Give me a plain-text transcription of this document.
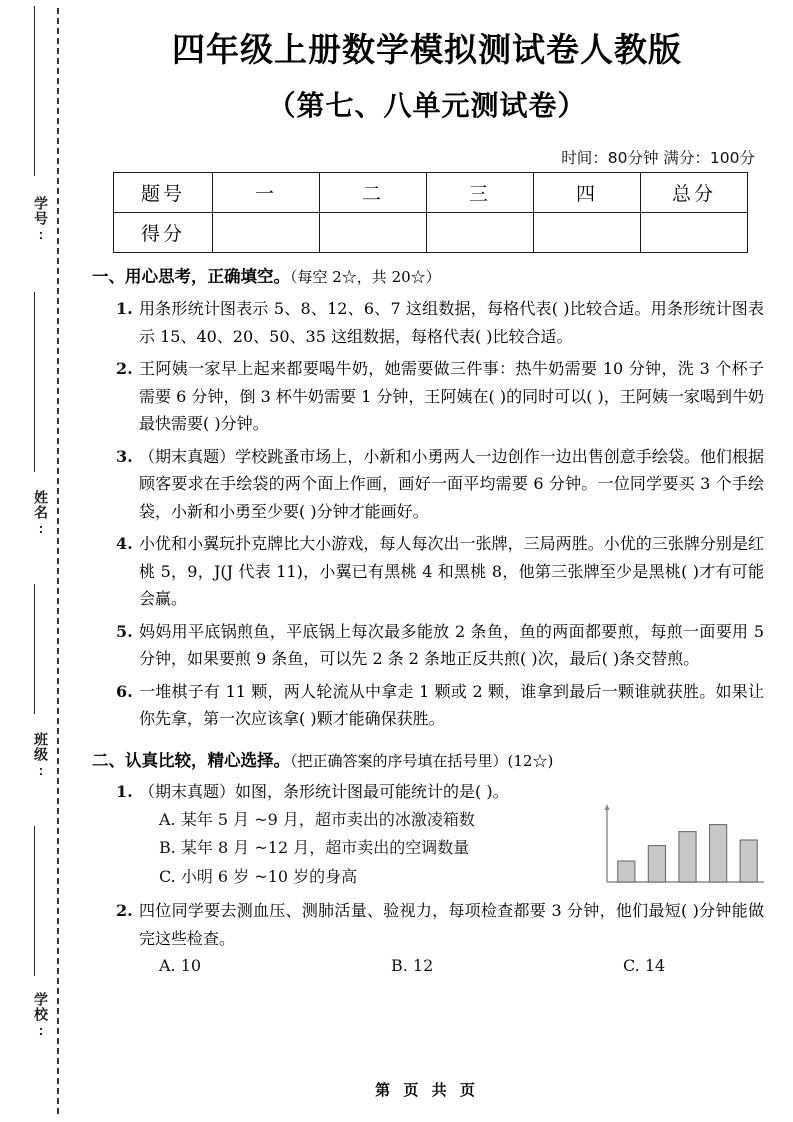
学号:
姓名:
班级:
学校:
四年级上册数学模拟测试卷人教版
（第七、八单元测试卷）
时间：80分钟 满分：100分
题号	一	二	三	四	总分
得分					
一、用心思考，正确填空。（每空 2☆，共 20☆）
1. 用条形统计图表示 5、8、12、6、7 这组数据，每格代表( )比较合适。用条形统计图表示 15、40、20、50、35 这组数据，每格代表( )比较合适。
2. 王阿姨一家早上起来都要喝牛奶，她需要做三件事：热牛奶需要 10 分钟，洗 3 个杯子需要 6 分钟，倒 3 杯牛奶需要 1 分钟，王阿姨在( )的同时可以( )，王阿姨一家喝到牛奶最快需要( )分钟。
3. （期末真题）学校跳蚤市场上，小新和小勇两人一边创作一边出售创意手绘袋。他们根据顾客要求在手绘袋的两个面上作画，画好一面平均需要 6 分钟。一位同学要买 3 个手绘袋，小新和小勇至少要( )分钟才能画好。
4. 小优和小翼玩扑克牌比大小游戏，每人每次出一张牌，三局两胜。小优的三张牌分别是红桃 5，9，J(J 代表 11)，小翼已有黑桃 4 和黑桃 8，他第三张牌至少是黑桃( )才有可能会赢。
5. 妈妈用平底锅煎鱼，平底锅上每次最多能放 2 条鱼，鱼的两面都要煎，每煎一面要用 5 分钟，如果要煎 9 条鱼，可以先 2 条 2 条地正反共煎( )次，最后( )条交替煎。
6. 一堆棋子有 11 颗，两人轮流从中拿走 1 颗或 2 颗，谁拿到最后一颗谁就获胜。如果让你先拿，第一次应该拿( )颗才能确保获胜。
二、认真比较，精心选择。（把正确答案的序号填在括号里）(12☆)
1. （期末真题）如图，条形统计图最可能统计的是( )。
A. 某年 5 月 ~9 月，超市卖出的冰激凌箱数
B. 某年 8 月 ~12 月，超市卖出的空调数量
C. 小明 6 岁 ~10 岁的身高
2. 四位同学要去测血压、测肺活量、验视力，每项检查都要 3 分钟，他们最短( )分钟能做完这些检查。
A. 10	B. 12	C. 14
第 页 共 页
